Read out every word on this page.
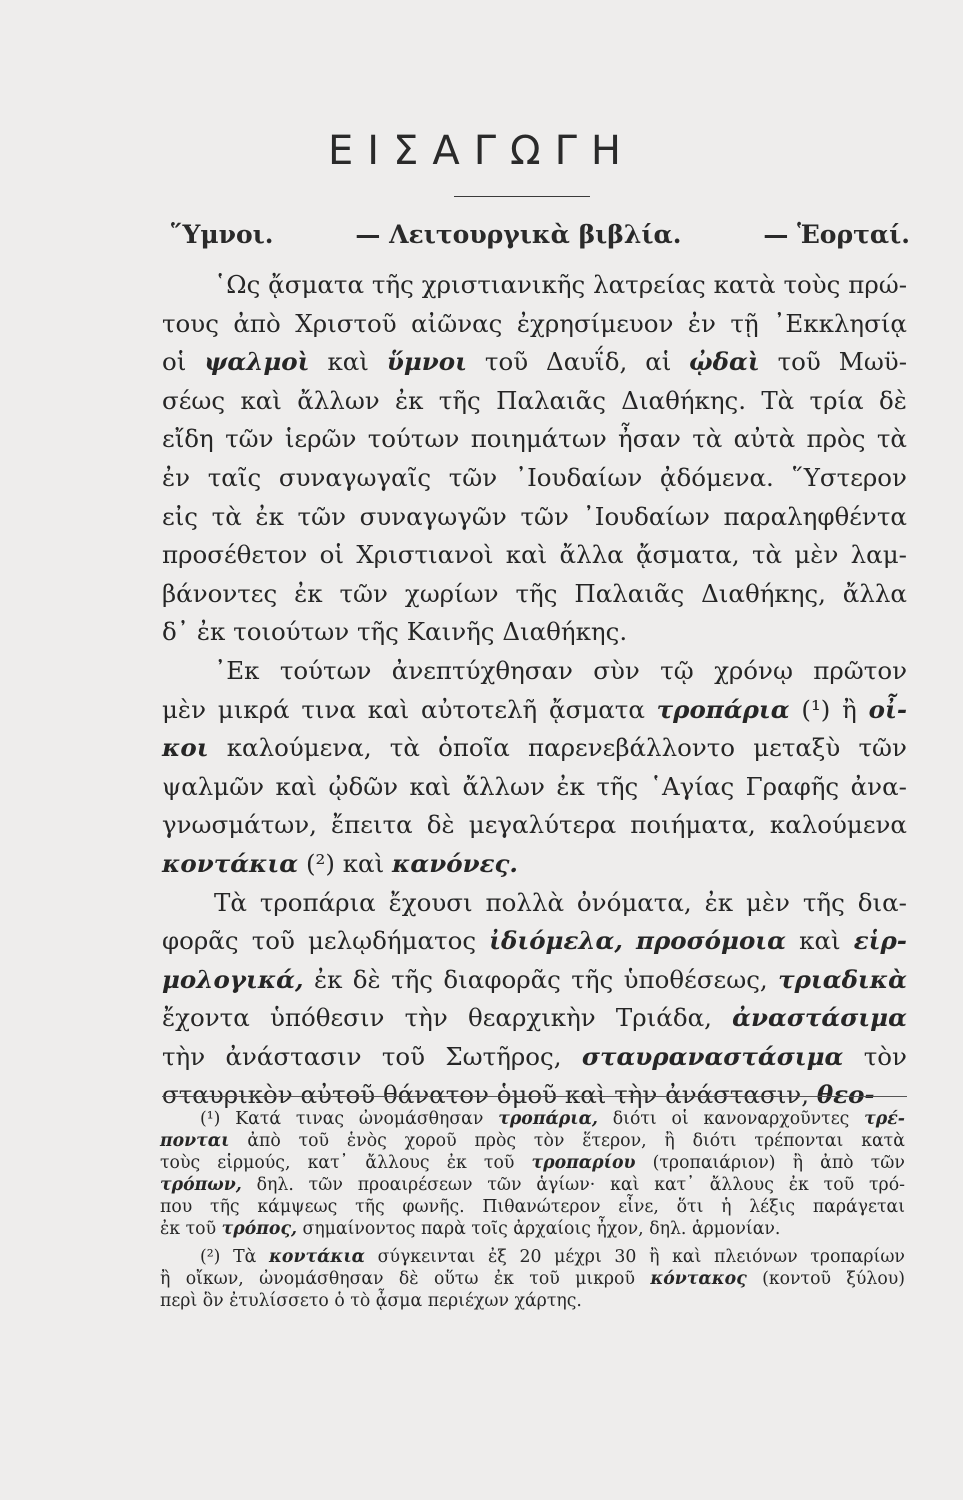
ΕΙΣΑΓΩΓΗ
῞Υμνοι.	— Λειτουργικὰ βιβλία.	— Ἑορταί.
῾Ως ᾄσματα τῆς χριστιανικῆς λατρείας κατὰ τοὺς πρώ-
τους ἀπὸ Χριστοῦ αἰῶνας ἐχρησίμευον ἐν τῇ ᾿Εκκλησίᾳ
οἱ ψαλμοὶ καὶ ὕμνοι τοῦ Δαυΐδ, αἱ ᾠδαὶ τοῦ Μωϋ-
σέως καὶ ἄλλων ἐκ τῆς Παλαιᾶς Διαθήκης. Τὰ τρία δὲ
εἴδη τῶν ἱερῶν τούτων ποιημάτων ἦσαν τὰ αὐτὰ πρὸς τὰ
ἐν ταῖς συναγωγαῖς τῶν ᾿Ιουδαίων ᾀδόμενα. ῞Υστερον
εἰς τὰ ἐκ τῶν συναγωγῶν τῶν ᾿Ιουδαίων παραληφθέντα
προσέθετον οἱ Χριστιανοὶ καὶ ἄλλα ᾄσματα, τὰ μὲν λαμ-
βάνοντες ἐκ τῶν χωρίων τῆς Παλαιᾶς Διαθήκης, ἄλλα
δ᾿ ἐκ τοιούτων τῆς Καινῆς Διαθήκης.
᾿Εκ τούτων ἀνεπτύχθησαν σὺν τῷ χρόνῳ πρῶτον
μὲν μικρά τινα καὶ αὐτοτελῆ ᾄσματα τροπάρια (¹) ἢ οἶ-
κοι καλούμενα, τὰ ὁποῖα παρενεβάλλοντο μεταξὺ τῶν
ψαλμῶν καὶ ᾠδῶν καὶ ἄλλων ἐκ τῆς ῾Αγίας Γραφῆς ἀνα-
γνωσμάτων, ἔπειτα δὲ μεγαλύτερα ποιήματα, καλούμενα
κοντάκια (²) καὶ κανόνες.
Τὰ τροπάρια ἔχουσι πολλὰ ὀνόματα, ἐκ μὲν τῆς δια-
φορᾶς τοῦ μελῳδήματος ἰδιόμελα, προσόμοια καὶ εἱρ-
μολογικά, ἐκ δὲ τῆς διαφορᾶς τῆς ὑποθέσεως, τριαδικὰ
ἔχοντα ὑπόθεσιν τὴν θεαρχικὴν Τριάδα, ἀναστάσιμα
τὴν ἀνάστασιν τοῦ Σωτῆρος, σταυραναστάσιμα τὸν
σταυρικὸν αὐτοῦ θάνατον ὁμοῦ καὶ τὴν ἀνάστασιν, θεο-
(¹) Κατά τινας ὠνομάσθησαν τροπάρια, διότι οἱ κανοναρχοῦντες τρέ-
πονται ἀπὸ τοῦ ἑνὸς χοροῦ πρὸς τὸν ἕτερον, ἢ διότι τρέπονται κατὰ
τοὺς εἱρμούς, κατ᾿ ἄλλους ἐκ τοῦ τροπαρίου (τροπαιάριον) ἢ ἀπὸ τῶν
τρόπων, δηλ. τῶν προαιρέσεων τῶν ἁγίων· καὶ κατ᾿ ἄλλους ἐκ τοῦ τρό-
που τῆς κάμψεως τῆς φωνῆς. Πιθανώτερον εἶνε, ὅτι ἡ λέξις παράγεται
ἐκ τοῦ τρόπος, σημαίνοντος παρὰ τοῖς ἀρχαίοις ἦχον, δηλ. ἁρμονίαν.
(²) Τὰ κοντάκια σύγκεινται ἐξ 20 μέχρι 30 ἢ καὶ πλειόνων τροπαρίων
ἢ οἴκων, ὠνομάσθησαν δὲ οὕτω ἐκ τοῦ μικροῦ κόντακος (κοντοῦ ξύλου)
περὶ ὃν ἐτυλίσσετο ὁ τὸ ᾆσμα περιέχων χάρτης.
